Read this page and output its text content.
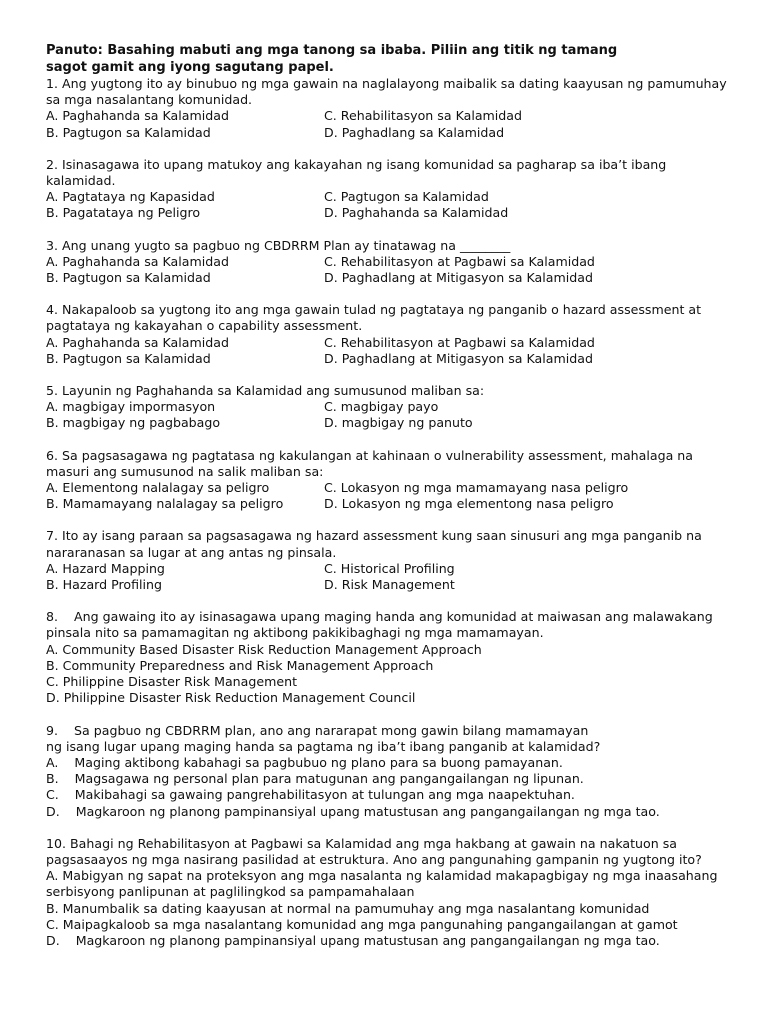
Panuto: Basahing mabuti ang mga tanong sa ibaba. Piliin ang titik ng tamang
sagot gamit ang iyong sagutang papel.

1. Ang yugtong ito ay binubuo ng mga gawain na naglalayong maibalik sa dating kaayusan ng pamumuhay
sa mga nasalantang komunidad.

A. Paghahanda sa Kalamidad	C. Rehabilitasyon sa Kalamidad
B. Pagtugon sa Kalamidad	D. Paghadlang sa Kalamidad

2. Isinasagawa ito upang matukoy ang kakayahan ng isang komunidad sa pagharap sa iba’t ibang
kalamidad.

A. Pagtataya ng Kapasidad	C. Pagtugon sa Kalamidad
B. Pagatataya ng Peligro	D. Paghahanda sa Kalamidad

3. Ang unang yugto sa pagbuo ng CBDRRM Plan ay tinatawag na ________

A. Paghahanda sa Kalamidad	C. Rehabilitasyon at Pagbawi sa Kalamidad
B. Pagtugon sa Kalamidad	D. Paghadlang at Mitigasyon sa Kalamidad

4. Nakapaloob sa yugtong ito ang mga gawain tulad ng pagtataya ng panganib o hazard assessment at
pagtataya ng kakayahan o capability assessment.

A. Paghahanda sa Kalamidad	C. Rehabilitasyon at Pagbawi sa Kalamidad
B. Pagtugon sa Kalamidad	D. Paghadlang at Mitigasyon sa Kalamidad

5. Layunin ng Paghahanda sa Kalamidad ang sumusunod maliban sa:

A. magbigay impormasyon	C. magbigay payo
B. magbigay ng pagbabago	D. magbigay ng panuto

6. Sa pagsasagawa ng pagtatasa ng kakulangan at kahinaan o vulnerability assessment, mahalaga na
masuri ang sumusunod na salik maliban sa:

A. Elementong nalalagay sa peligro	C. Lokasyon ng mga mamamayang nasa peligro
B. Mamamayang nalalagay sa peligro	D. Lokasyon ng mga elementong nasa peligro

7. Ito ay isang paraan sa pagsasagawa ng hazard assessment kung saan sinusuri ang mga panganib na
nararanasan sa lugar at ang antas ng pinsala.

A. Hazard Mapping	C. Historical Profiling
B. Hazard Profiling	D. Risk Management

8.    Ang gawaing ito ay isinasagawa upang maging handa ang komunidad at maiwasan ang malawakang
pinsala nito sa pamamagitan ng aktibong pakikibaghagi ng mga mamamayan.

A. Community Based Disaster Risk Reduction Management Approach
B. Community Preparedness and Risk Management Approach
C. Philippine Disaster Risk Management
D. Philippine Disaster Risk Reduction Management Council

9.    Sa pagbuo ng CBDRRM plan, ano ang nararapat mong gawin bilang mamamayan
ng isang lugar upang maging handa sa pagtama ng iba’t ibang panganib at kalamidad?

A.    Maging aktibong kabahagi sa pagbubuo ng plano para sa buong pamayanan.
B.    Magsagawa ng personal plan para matugunan ang pangangailangan ng lipunan.
C.    Makibahagi sa gawaing pangrehabilitasyon at tulungan ang mga naapektuhan.
D.    Magkaroon ng planong pampinansiyal upang matustusan ang pangangailangan ng mga tao.

10. Bahagi ng Rehabilitasyon at Pagbawi sa Kalamidad ang mga hakbang at gawain na nakatuon sa
pagsasaayos ng mga nasirang pasilidad at estruktura. Ano ang pangunahing gampanin ng yugtong ito?

A. Mabigyan ng sapat na proteksyon ang mga nasalanta ng kalamidad makapagbigay ng mga inaasahang
serbisyong panlipunan at paglilingkod sa pampamahalaan
B. Manumbalik sa dating kaayusan at normal na pamumuhay ang mga nasalantang komunidad
C. Maipagkaloob sa mga nasalantang komunidad ang mga pangunahing pangangailangan at gamot
D.    Magkaroon ng planong pampinansiyal upang matustusan ang pangangailangan ng mga tao.
